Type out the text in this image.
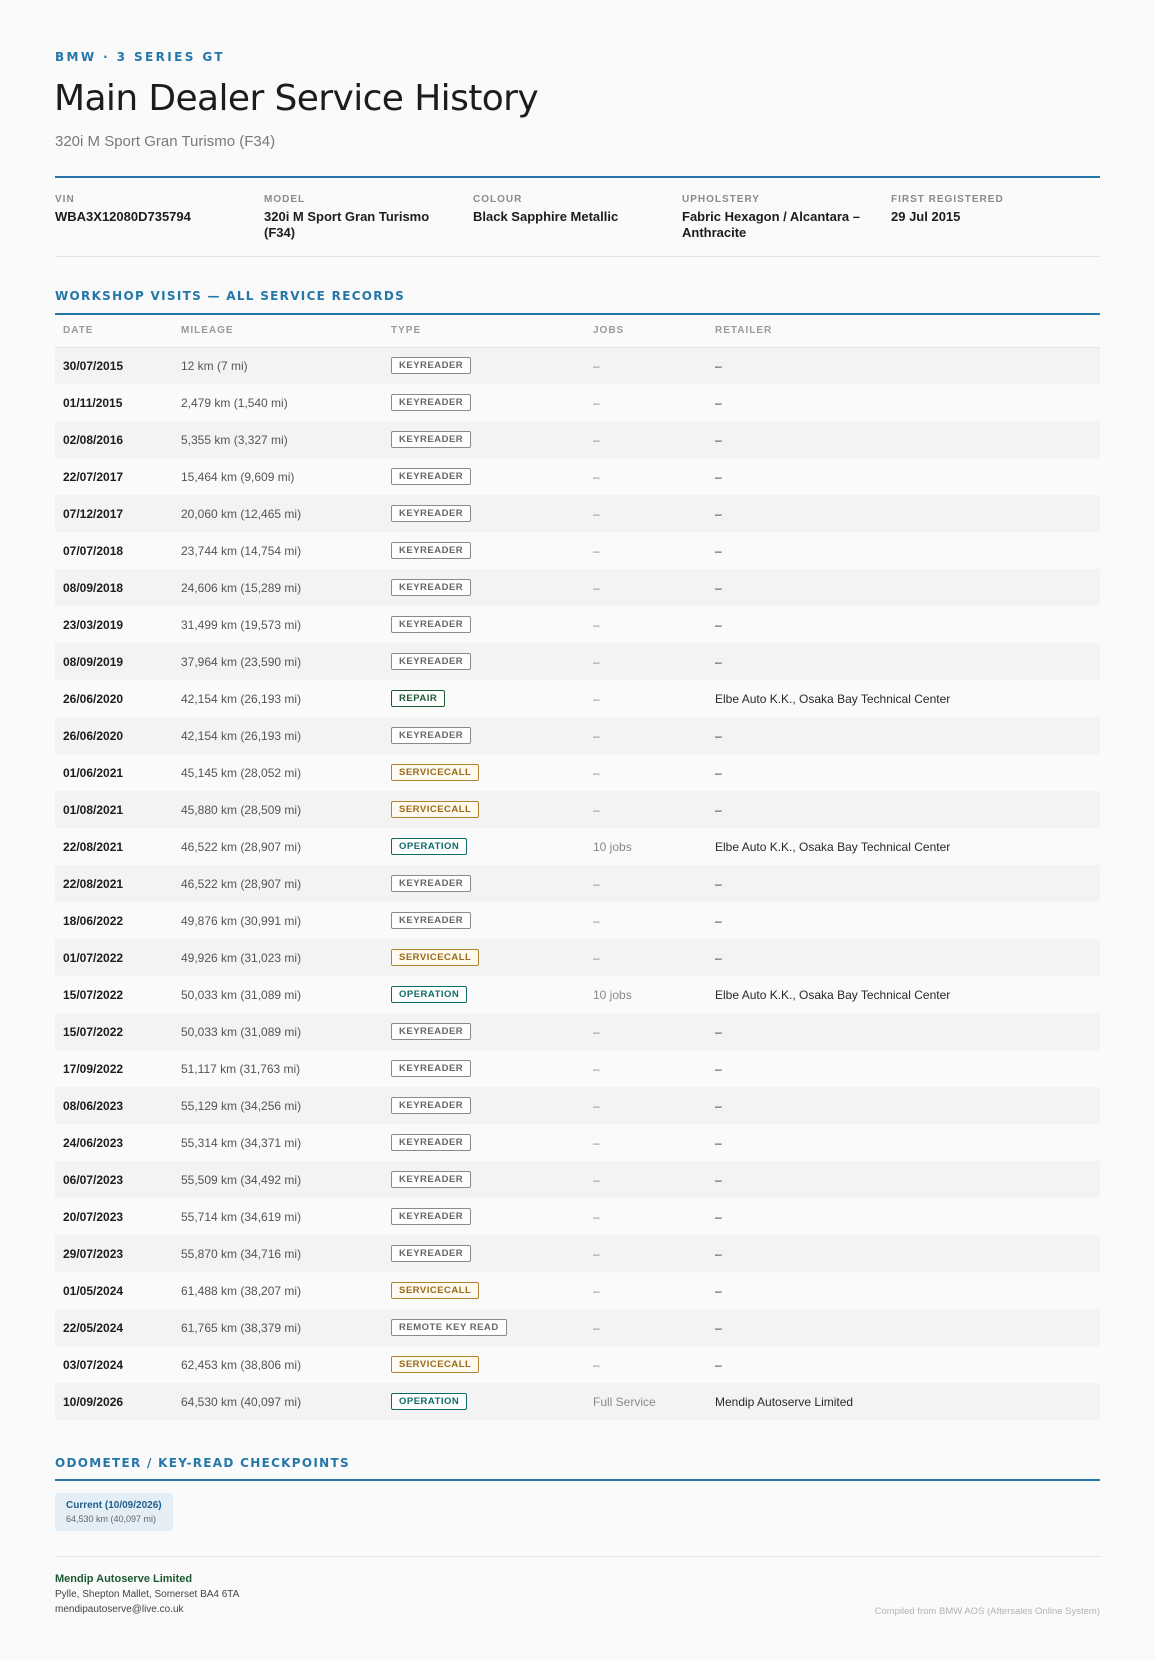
BMW · 3 SERIES GT
Main Dealer Service History
320i M Sport Gran Turismo (F34)
VIN
WBA3X12080D735794
MODEL
320i M Sport Gran Turismo (F34)
COLOUR
Black Sapphire Metallic
UPHOLSTERY
Fabric Hexagon / Alcantara – Anthracite
FIRST REGISTERED
29 Jul 2015
WORKSHOP VISITS — ALL SERVICE RECORDS
DATE	MILEAGE	TYPE	JOBS	RETAILER
30/07/2015	12 km (7 mi)	KEYREADER	–	–
01/11/2015	2,479 km (1,540 mi)	KEYREADER	–	–
02/08/2016	5,355 km (3,327 mi)	KEYREADER	–	–
22/07/2017	15,464 km (9,609 mi)	KEYREADER	–	–
07/12/2017	20,060 km (12,465 mi)	KEYREADER	–	–
07/07/2018	23,744 km (14,754 mi)	KEYREADER	–	–
08/09/2018	24,606 km (15,289 mi)	KEYREADER	–	–
23/03/2019	31,499 km (19,573 mi)	KEYREADER	–	–
08/09/2019	37,964 km (23,590 mi)	KEYREADER	–	–
26/06/2020	42,154 km (26,193 mi)	REPAIR	–	Elbe Auto K.K., Osaka Bay Technical Center
26/06/2020	42,154 km (26,193 mi)	KEYREADER	–	–
01/06/2021	45,145 km (28,052 mi)	SERVICECALL	–	–
01/08/2021	45,880 km (28,509 mi)	SERVICECALL	–	–
22/08/2021	46,522 km (28,907 mi)	OPERATION	10 jobs	Elbe Auto K.K., Osaka Bay Technical Center
22/08/2021	46,522 km (28,907 mi)	KEYREADER	–	–
18/06/2022	49,876 km (30,991 mi)	KEYREADER	–	–
01/07/2022	49,926 km (31,023 mi)	SERVICECALL	–	–
15/07/2022	50,033 km (31,089 mi)	OPERATION	10 jobs	Elbe Auto K.K., Osaka Bay Technical Center
15/07/2022	50,033 km (31,089 mi)	KEYREADER	–	–
17/09/2022	51,117 km (31,763 mi)	KEYREADER	–	–
08/06/2023	55,129 km (34,256 mi)	KEYREADER	–	–
24/06/2023	55,314 km (34,371 mi)	KEYREADER	–	–
06/07/2023	55,509 km (34,492 mi)	KEYREADER	–	–
20/07/2023	55,714 km (34,619 mi)	KEYREADER	–	–
29/07/2023	55,870 km (34,716 mi)	KEYREADER	–	–
01/05/2024	61,488 km (38,207 mi)	SERVICECALL	–	–
22/05/2024	61,765 km (38,379 mi)	REMOTE KEY READ	–	–
03/07/2024	62,453 km (38,806 mi)	SERVICECALL	–	–
10/09/2026	64,530 km (40,097 mi)	OPERATION	Full Service	Mendip Autoserve Limited
ODOMETER / KEY-READ CHECKPOINTS
Current (10/09/2026)
64,530 km (40,097 mi)
Mendip Autoserve Limited
Pylle, Shepton Mallet, Somerset BA4 6TA
mendipautoserve@live.co.uk	Compiled from BMW AOS (Aftersales Online System)
